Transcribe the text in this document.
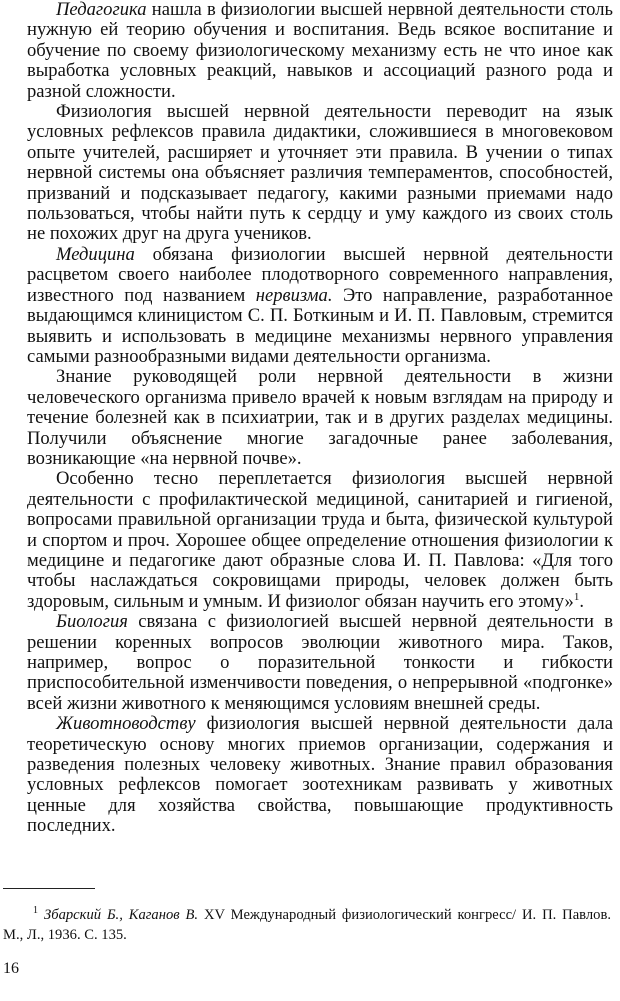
Педагогика нашла в физиологии высшей нервной деятельности столь нужную ей теорию обучения и воспитания. Ведь всякое воспитание и обучение по своему физиологическому механизму есть не что иное как выработка условных реакций, навыков и ассоциаций разного рода и разной сложности.

Физиология высшей нервной деятельности переводит на язык условных рефлексов правила дидактики, сложившиеся в многовековом опыте учителей, расширяет и уточняет эти правила. В учении о типах нервной системы она объясняет различия темпераментов, способностей, призваний и подсказывает педагогу, какими разными приемами надо пользоваться, чтобы найти путь к сердцу и уму каждого из своих столь не похожих друг на друга учеников.

Медицина обязана физиологии высшей нервной деятельности расцветом своего наиболее плодотворного современного направления, известного под названием нервизма. Это направление, разработанное выдающимся клиницистом С. П. Боткиным и И. П. Павловым, стремится выявить и использовать в медицине механизмы нервного управления самыми разнообразными видами деятельности организма.

Знание руководящей роли нервной деятельности в жизни человеческого организма привело врачей к новым взглядам на природу и течение болезней как в психиатрии, так и в других разделах медицины. Получили объяснение многие загадочные ранее заболевания, возникающие «на нервной почве».

Особенно тесно переплетается физиология высшей нервной деятельности с профилактической медициной, санитарией и гигиеной, вопросами правильной организации труда и быта, физической культурой и спортом и проч. Хорошее общее определение отношения физиологии к медицине и педагогике дают образные слова И. П. Павлова: «Для того чтобы наслаждаться сокровищами природы, человек должен быть здоровым, сильным и умным. И физиолог обязан научить его этому»$^1$.

Биология связана с физиологией высшей нервной деятельности в решении коренных вопросов эволюции животного мира. Таков, например, вопрос о поразительной тонкости и гибкости приспособительной изменчивости поведения, о непрерывной «подгонке» всей жизни животного к меняющимся условиям внешней среды.

Животноводству физиология высшей нервной деятельности дала теоретическую основу многих приемов организации, содержания и разведения полезных человеку животных. Знание правил образования условных рефлексов помогает зоотехникам развивать у животных ценные для хозяйства свойства, повышающие продуктивность последних.

$^1$ Збарский Б., Каганов В. XV Международный физиологический конгресс/ И. П. Павлов. М., Л., 1936. С. 135.
16
